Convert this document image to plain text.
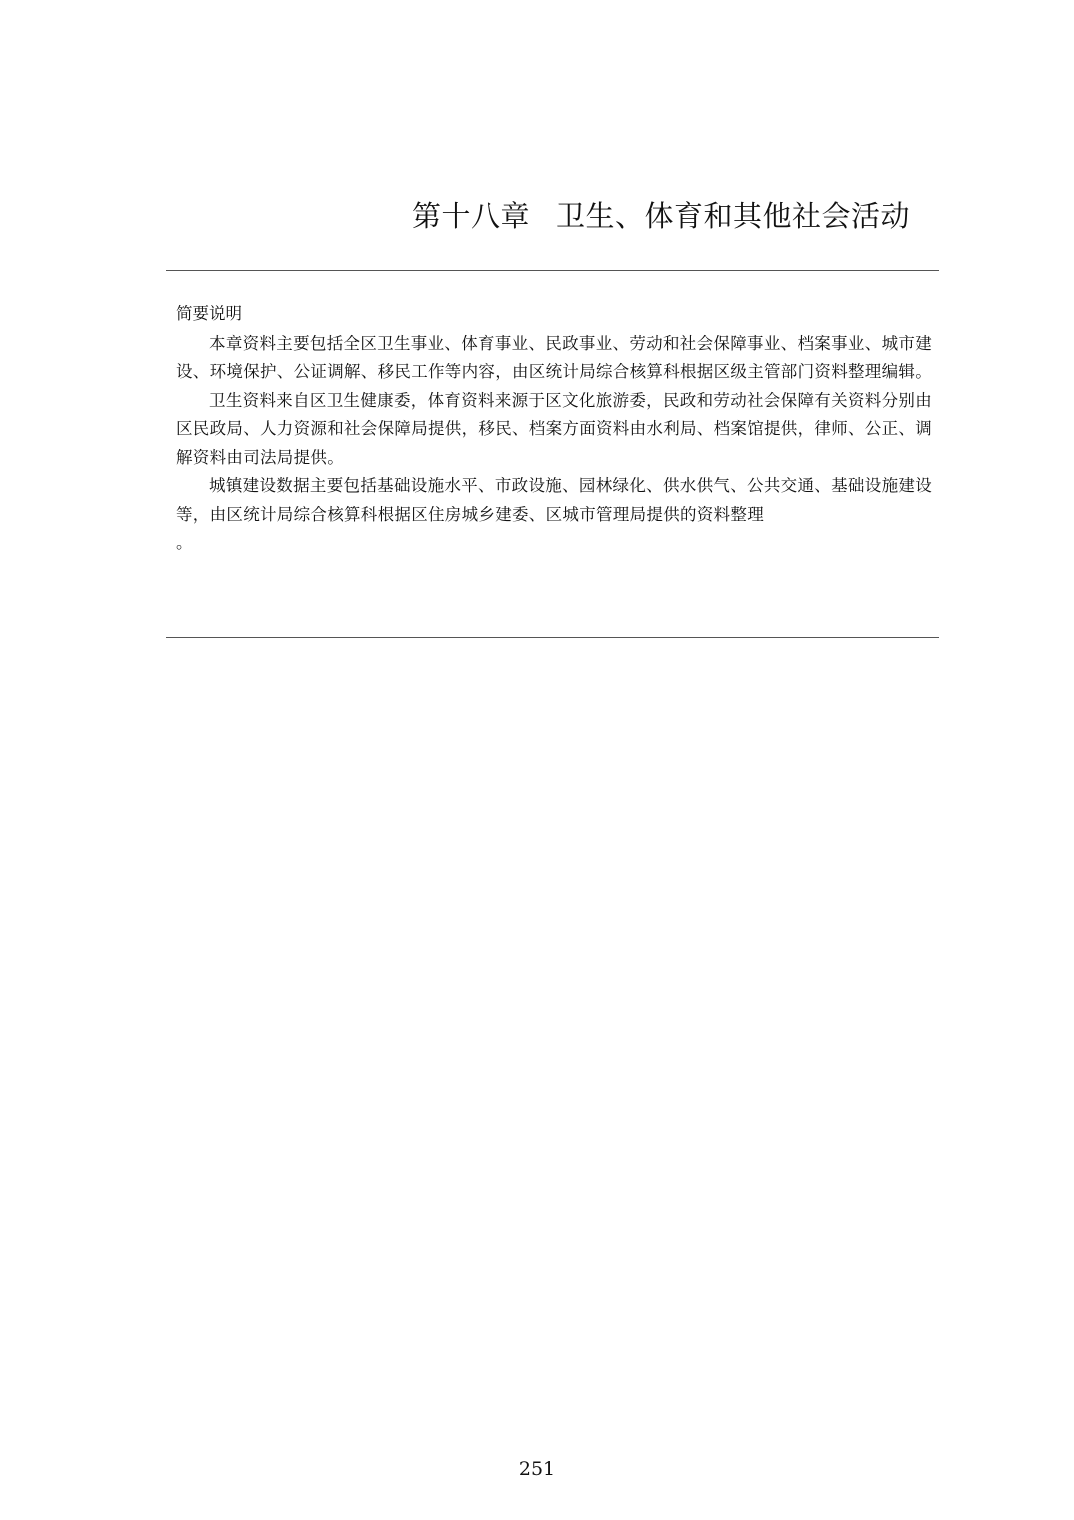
第十八章 卫生、体育和其他社会活动
简要说明

本章资料主要包括全区卫生事业、体育事业、民政事业、劳动和社会保障事业、档案事业、城市建设、环境保护、公证调解、移民工作等内容，由区统计局综合核算科根据区级主管部门资料整理编辑。

卫生资料来自区卫生健康委，体育资料来源于区文化旅游委，民政和劳动社会保障有关资料分别由区民政局、人力资源和社会保障局提供，移民、档案方面资料由水利局、档案馆提供，律师、公正、调解资料由司法局提供。

城镇建设数据主要包括基础设施水平、市政设施、园林绿化、供水供气、公共交通、基础设施建设等，由区统计局综合核算科根据区住房城乡建委、区城市管理局提供的资料整理
。

251
